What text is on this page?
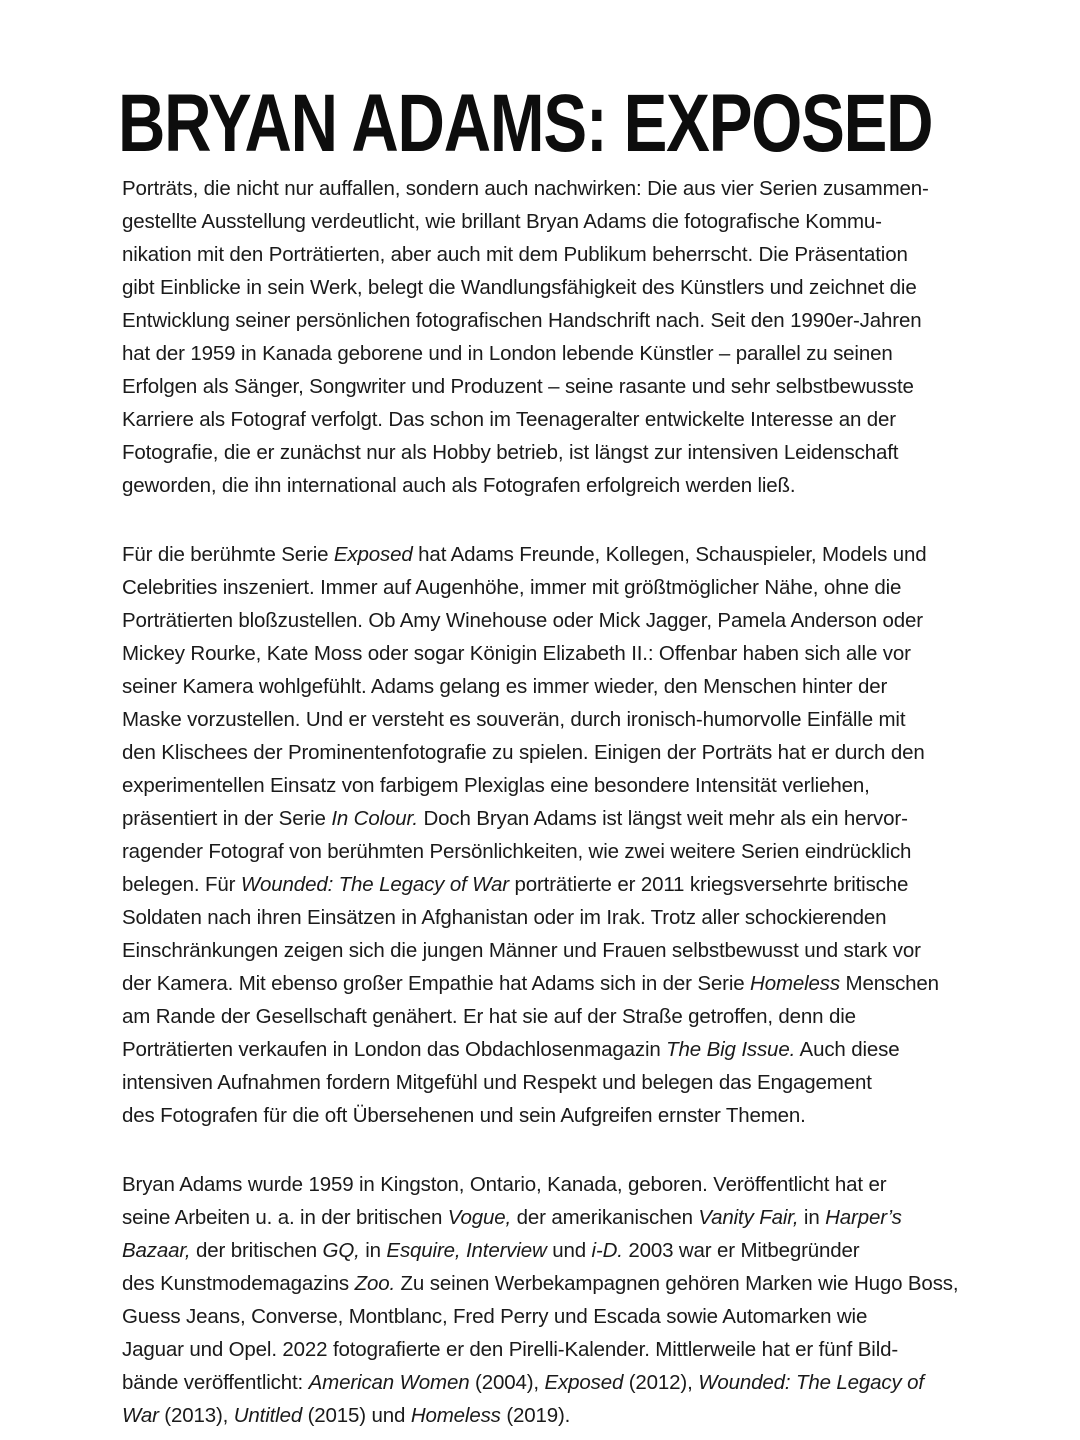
BRYAN ADAMS: EXPOSED
Porträts, die nicht nur auffallen, sondern auch nachwirken: Die aus vier Serien zusammen-
gestellte Ausstellung verdeutlicht, wie brillant Bryan Adams die fotografische Kommu-
nikation mit den Porträtierten, aber auch mit dem Publikum beherrscht. Die Präsentation
gibt Einblicke in sein Werk, belegt die Wandlungsfähigkeit des Künstlers und zeichnet die
Entwicklung seiner persönlichen fotografischen Handschrift nach. Seit den 1990er-Jahren
hat der 1959 in Kanada geborene und in London lebende Künstler – parallel zu seinen
Erfolgen als Sänger, Songwriter und Produzent – seine rasante und sehr selbstbewusste
Karriere als Fotograf verfolgt. Das schon im Teenageralter entwickelte Interesse an der
Fotografie, die er zunächst nur als Hobby betrieb, ist längst zur intensiven Leidenschaft
geworden, die ihn international auch als Fotografen erfolgreich werden ließ.
Für die berühmte Serie Exposed hat Adams Freunde, Kollegen, Schauspieler, Models und
Celebrities inszeniert. Immer auf Augenhöhe, immer mit größtmöglicher Nähe, ohne die
Porträtierten bloßzustellen. Ob Amy Winehouse oder Mick Jagger, Pamela Anderson oder
Mickey Rourke, Kate Moss oder sogar Königin Elizabeth II.: Offenbar haben sich alle vor
seiner Kamera wohlgefühlt. Adams gelang es immer wieder, den Menschen hinter der
Maske vorzustellen. Und er versteht es souverän, durch ironisch-humorvolle Einfälle mit
den Klischees der Prominentenfotografie zu spielen. Einigen der Porträts hat er durch den
experimentellen Einsatz von farbigem Plexiglas eine besondere Intensität verliehen,
präsentiert in der Serie In Colour. Doch Bryan Adams ist längst weit mehr als ein hervor-
ragender Fotograf von berühmten Persönlichkeiten, wie zwei weitere Serien eindrücklich
belegen. Für Wounded: The Legacy of War porträtierte er 2011 kriegsversehrte britische
Soldaten nach ihren Einsätzen in Afghanistan oder im Irak. Trotz aller schockierenden
Einschränkungen zeigen sich die jungen Männer und Frauen selbstbewusst und stark vor
der Kamera. Mit ebenso großer Empathie hat Adams sich in der Serie Homeless Menschen
am Rande der Gesellschaft genähert. Er hat sie auf der Straße getroffen, denn die
Porträtierten verkaufen in London das Obdachlosenmagazin The Big Issue. Auch diese
intensiven Aufnahmen fordern Mitgefühl und Respekt und belegen das Engagement
des Fotografen für die oft Übersehenen und sein Aufgreifen ernster Themen.
Bryan Adams wurde 1959 in Kingston, Ontario, Kanada, geboren. Veröffentlicht hat er
seine Arbeiten u. a. in der britischen Vogue, der amerikanischen Vanity Fair, in Harper’s
Bazaar, der britischen GQ, in Esquire, Interview und i-D. 2003 war er Mitbegründer
des Kunstmodemagazins Zoo. Zu seinen Werbekampagnen gehören Marken wie Hugo Boss,
Guess Jeans, Converse, Montblanc, Fred Perry und Escada sowie Automarken wie
Jaguar und Opel. 2022 fotografierte er den Pirelli-Kalender. Mittlerweile hat er fünf Bild-
bände veröffentlicht: American Women (2004), Exposed (2012), Wounded: The Legacy of
War (2013), Untitled (2015) und Homeless (2019).
